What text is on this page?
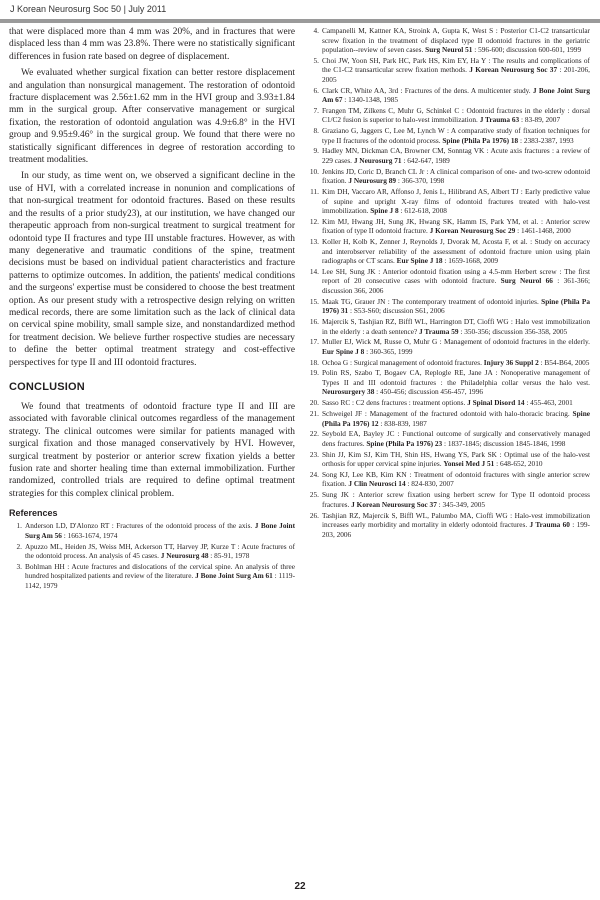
J Korean Neurosurg Soc 50 | July 2011

that were displaced more than 4 mm was 20%, and in fractures that were displaced less than 4 mm was 23.8%. There were no statistically significant differences in fusion rate based on degree of displacement.

We evaluated whether surgical fixation can better restore displacement and angulation than nonsurgical management. The restoration of odontoid fracture displacement was 2.56±1.62 mm in the HVI group and 3.93±1.84 mm in the surgical group. After conservative management or surgical fixation, the restoration of odontoid angulation was 4.9±6.8° in the HVI group and 9.95±9.46° in the surgical group. We found that there were no statistically significant differences in degree of restoration according to treatment modalities.

In our study, as time went on, we observed a significant decline in the use of HVI, with a correlated increase in nonunion and complications of that non-surgical treatment for odontoid fractures. Based on these results and the results of a prior study23), at our institution, we have changed our therapeutic approach from non-surgical treatment to surgical treatment for odontoid type II fractures and type III unstable fractures. However, as with many degenerative and traumatic conditions of the spine, treatment decisions must be based on individual patient characteristics and fracture patterns to optimize outcomes. In addition, the patients' medical conditions and the surgeons' expertise must be considered to choose the best treatment option. As our present study with a retrospective design relying on written medical records, there are some limitation such as the lack of clinical data on cervical spine mobility, small sample size, and nonstandardized method for treatment decision. We believe further rospective studies are necessary to define the better optimal treatment strategy and cost-effective perspectives for type II and III odontoid fractures.

CONCLUSION

We found that treatments of odontoid fracture type II and III are associated with favorable clinical outcomes regardless of the management strategy. The clinical outcomes were similar for patients managed with surgical fixation and those managed conservatively by HVI. However, surgical treatment by posterior or anterior screw fixation yields a better fusion rate and shorter healing time than external immobilization. Further randomized, controlled trials are required to define optimal treatment strategies for this complex clinical problem.

References
1. Anderson LD, D'Alonzo RT : Fractures of the odontoid process of the axis. J Bone Joint Surg Am 56 : 1663-1674, 1974
2. Apuzzo ML, Heiden JS, Weiss MH, Ackerson TT, Harvey JP, Kurze T : Acute fractures of the odontoid process. An analysis of 45 cases. J Neurosurg 48 : 85-91, 1978
3. Bohlman HH : Acute fractures and dislocations of the cervical spine. An analysis of three hundred hospitalized patients and review of the literature. J Bone Joint Surg Am 61 : 1119-1142, 1979
4. Campanelli M, Kattner KA, Stroink A, Gupta K, West S : Posterior C1-C2 transarticular screw fixation in the treatment of displaced type II odontoid fractures in the geriatric population--review of seven cases. Surg Neurol 51 : 596-600; discussion 600-601, 1999
5. Choi JW, Yoon SH, Park HC, Park HS, Kim EY, Ha Y : The results and complications of the C1-C2 transarticular screw fixation methods. J Korean Neurosurg Soc 37 : 201-206, 2005
6. Clark CR, White AA, 3rd : Fractures of the dens. A multicenter study. J Bone Joint Surg Am 67 : 1340-1348, 1985
7. Frangen TM, Zilkens C, Muhr G, Schinkel C : Odontoid fractures in the elderly : dorsal C1/C2 fusion is superior to halo-vest immobilization. J Trauma 63 : 83-89, 2007
8. Graziano G, Jaggers C, Lee M, Lynch W : A comparative study of fixation techniques for type II fractures of the odontoid process. Spine (Phila Pa 1976) 18 : 2383-2387, 1993
9. Hadley MN, Dickman CA, Browner CM, Sonntag VK : Acute axis fractures : a review of 229 cases. J Neurosurg 71 : 642-647, 1989
10. Jenkins JD, Coric D, Branch CL Jr : A clinical comparison of one- and two-screw odontoid fixation. J Neurosurg 89 : 366-370, 1998
11. Kim DH, Vaccaro AR, Affonso J, Jenis L, Hilibrand AS, Albert TJ : Early predictive value of supine and upright X-ray films of odontoid fractures treated with halo-vest immobilization. Spine J 8 : 612-618, 2008
12. Kim MJ, Hwang JH, Sung JK, Hwang SK, Hamm IS, Park YM, et al. : Anterior screw fixation of type II odontoid fracture. J Korean Neurosurg Soc 29 : 1461-1468, 2000
13. Koller H, Kolb K, Zenner J, Reynolds J, Dvorak M, Acosta F, et al. : Study on accuracy and interobserver reliability of the assessment of odontoid fracture union using plain radiographs or CT scans. Eur Spine J 18 : 1659-1668, 2009
14. Lee SH, Sung JK : Anterior odontoid fixation using a 4.5-mm Herbert screw : The first report of 20 consecutive cases with odontoid fracture. Surg Neurol 66 : 361-366; discussion 366, 2006
15. Maak TG, Grauer JN : The contemporary treatment of odontoid injuries. Spine (Phila Pa 1976) 31 : S53-S60; discussion S61, 2006
16. Majercik S, Tashjian RZ, Biffl WL, Harrington DT, Cioffi WG : Halo vest immobilization in the elderly : a death sentence? J Trauma 59 : 350-356; discussion 356-358, 2005
17. Muller EJ, Wick M, Russe O, Muhr G : Management of odontoid fractures in the elderly. Eur Spine J 8 : 360-365, 1999
18. Ochoa G : Surgical management of odontoid fractures. Injury 36 Suppl 2 : B54-B64, 2005
19. Polin RS, Szabo T, Bogaev CA, Replogle RE, Jane JA : Nonoperative management of Types II and III odontoid fractures : the Philadelphia collar versus the halo vest. Neurosurgery 38 : 450-456; discussion 456-457, 1996
20. Sasso RC : C2 dens fractures : treatment options. J Spinal Disord 14 : 455-463, 2001
21. Schweigel JF : Management of the fractured odontoid with halo-thoracic bracing. Spine (Phila Pa 1976) 12 : 838-839, 1987
22. Seybold EA, Bayley JC : Functional outcome of surgically and conservatively managed dens fractures. Spine (Phila Pa 1976) 23 : 1837-1845; discussion 1845-1846, 1998
23. Shin JJ, Kim SJ, Kim TH, Shin HS, Hwang YS, Park SK : Optimal use of the halo-vest orthosis for upper cervical spine injuries. Yonsei Med J 51 : 648-652, 2010
24. Song KJ, Lee KB, Kim KN : Treatment of odontoid fractures with single anterior screw fixation. J Clin Neurosci 14 : 824-830, 2007
25. Sung JK : Anterior screw fixation using herbert screw for Type II odontoid process fractures. J Korean Neurosurg Soc 37 : 345-349, 2005
26. Tashjian RZ, Majercik S, Biffl WL, Palumbo MA, Cioffi WG : Halo-vest immobilization increases early morbidity and mortality in elderly odontoid fractures. J Trauma 60 : 199-203, 2006
22
